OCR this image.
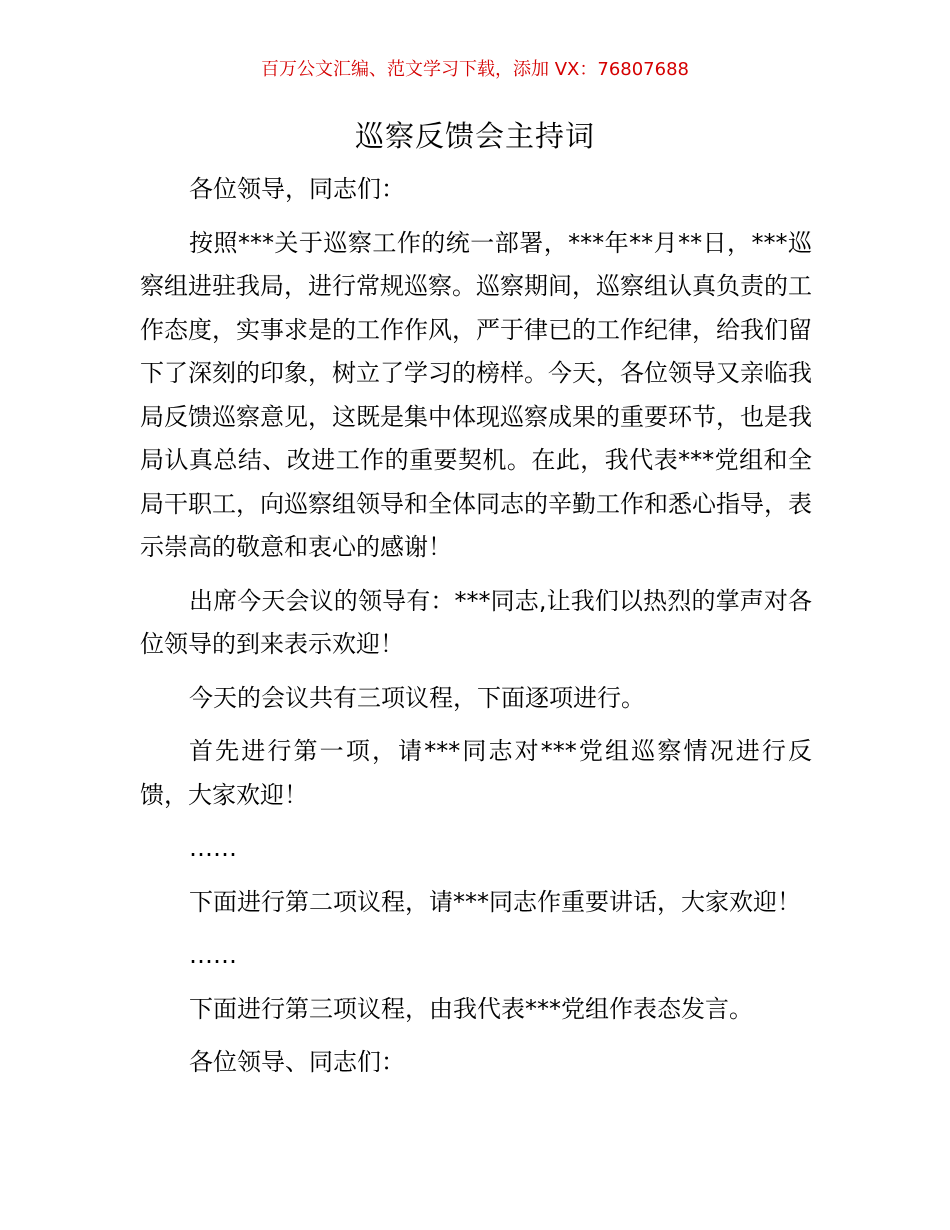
百万公文汇编、范文学习下载，添加 VX：76807688
巡察反馈会主持词

各位领导，同志们：

按照***关于巡察工作的统一部署，***年**月**日，***巡察组进驻我局，进行常规巡察。巡察期间，巡察组认真负责的工作态度，实事求是的工作作风，严于律已的工作纪律，给我们留下了深刻的印象，树立了学习的榜样。今天，各位领导又亲临我局反馈巡察意见，这既是集中体现巡察成果的重要环节，也是我局认真总结、改进工作的重要契机。在此，我代表***党组和全局干职工，向巡察组领导和全体同志的辛勤工作和悉心指导，表示崇高的敬意和衷心的感谢！

出席今天会议的领导有：***同志,让我们以热烈的掌声对各位领导的到来表示欢迎！

今天的会议共有三项议程，下面逐项进行。

首先进行第一项，请***同志对***党组巡察情况进行反馈，大家欢迎！

……

下面进行第二项议程，请***同志作重要讲话，大家欢迎！

……

下面进行第三项议程，由我代表***党组作表态发言。

各位领导、同志们：
